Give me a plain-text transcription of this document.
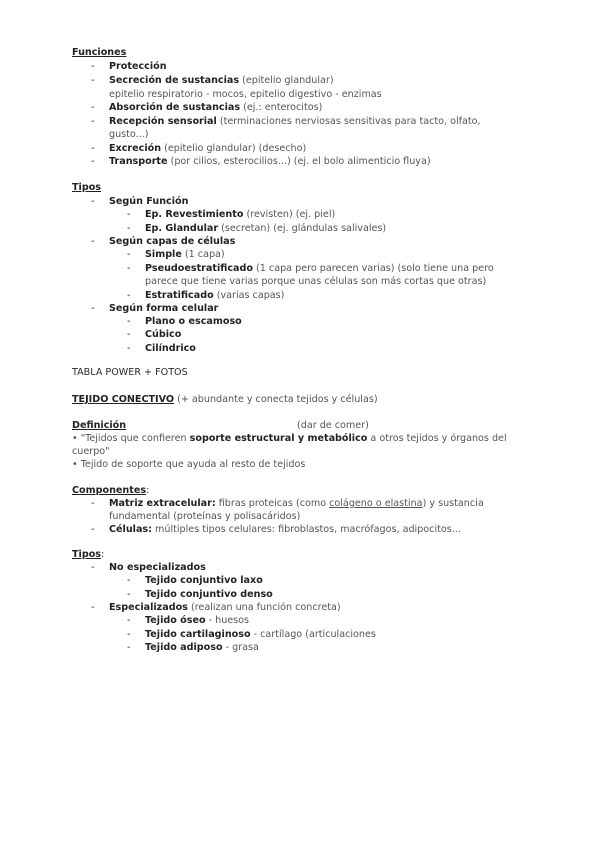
Funciones
- Protección
- Secreción de sustancias (epitelio glandular)
epitelio respiratorio - mocos, epitelio digestivo - enzimas
- Absorción de sustancias (ej.: enterocitos)
- Recepción sensorial (terminaciones nerviosas sensitivas para tacto, olfato,
gusto...)
- Excreción (epitelio glandular) (desecho)
- Transporte (por cilios, esterocilios...) (ej. el bolo alimenticio fluya)
Tipos
- Según Función
- Ep. Revestimiento (revisten) (ej. piel)
- Ep. Glandular (secretan) (ej. glándulas salivales)
- Según capas de células
- Simple (1 capa)
- Pseudoestratificado (1 capa pero parecen varias) (solo tiene una pero
parece que tiene varias porque unas células son más cortas que otras)
- Estratificado (varias capas)
- Según forma celular
- Plano o escamoso
- Cúbico
- Cilíndrico
TABLA POWER + FOTOS
TEJIDO CONECTIVO (+ abundante y conecta tejidos y células)
Definición	(dar de comer)
• "Tejidos que confieren soporte estructural y metabólico a otros tejidos y órganos del
cuerpo"
• Tejido de soporte que ayuda al resto de tejidos
Componentes:
- Matriz extracelular: fibras proteicas (como colágeno o elastina) y sustancia
fundamental (proteínas y polisacáridos)
- Células: múltiples tipos celulares: fibroblastos, macrófagos, adipocitos...
Tipos:
- No especializados
- Tejido conjuntivo laxo
- Tejido conjuntivo denso
- Especializados (realizan una función concreta)
- Tejido óseo - huesos
- Tejido cartilaginoso - cartílago (articulaciones
- Tejido adiposo - grasa
